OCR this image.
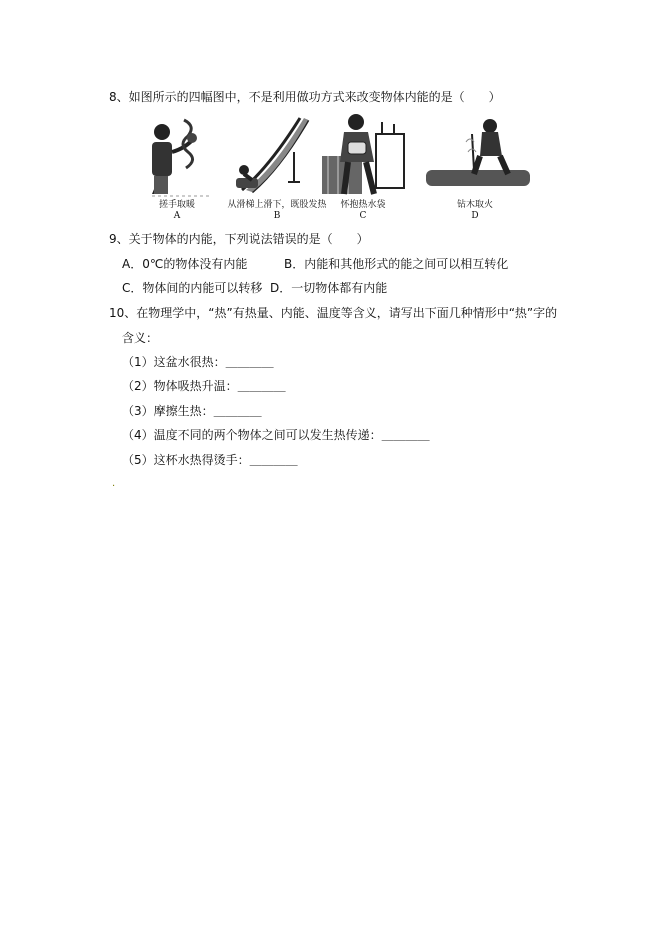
8、如图所示的四幅图中，不是利用做功方式来改变物体内能的是（　　）
搓手取暖
A
从滑梯上滑下，既股发热
B
怀抱热水袋
C
钻木取火
D
9、关于物体的内能，下列说法错误的是（　　）
A．0℃的物体没有内能	B．内能和其他形式的能之间可以相互转化
C．物体间的内能可以转移 D．一切物体都有内能
10、在物理学中，“热”有热量、内能、温度等含义，请写出下面几种情形中“热”字的
含义：
（1）这盆水很热：＿＿＿＿
（2）物体吸热升温：＿＿＿＿
（3）摩擦生热：＿＿＿＿
（4）温度不同的两个物体之间可以发生热传递：＿＿＿＿
（5）这杯水热得烫手：＿＿＿＿
.
